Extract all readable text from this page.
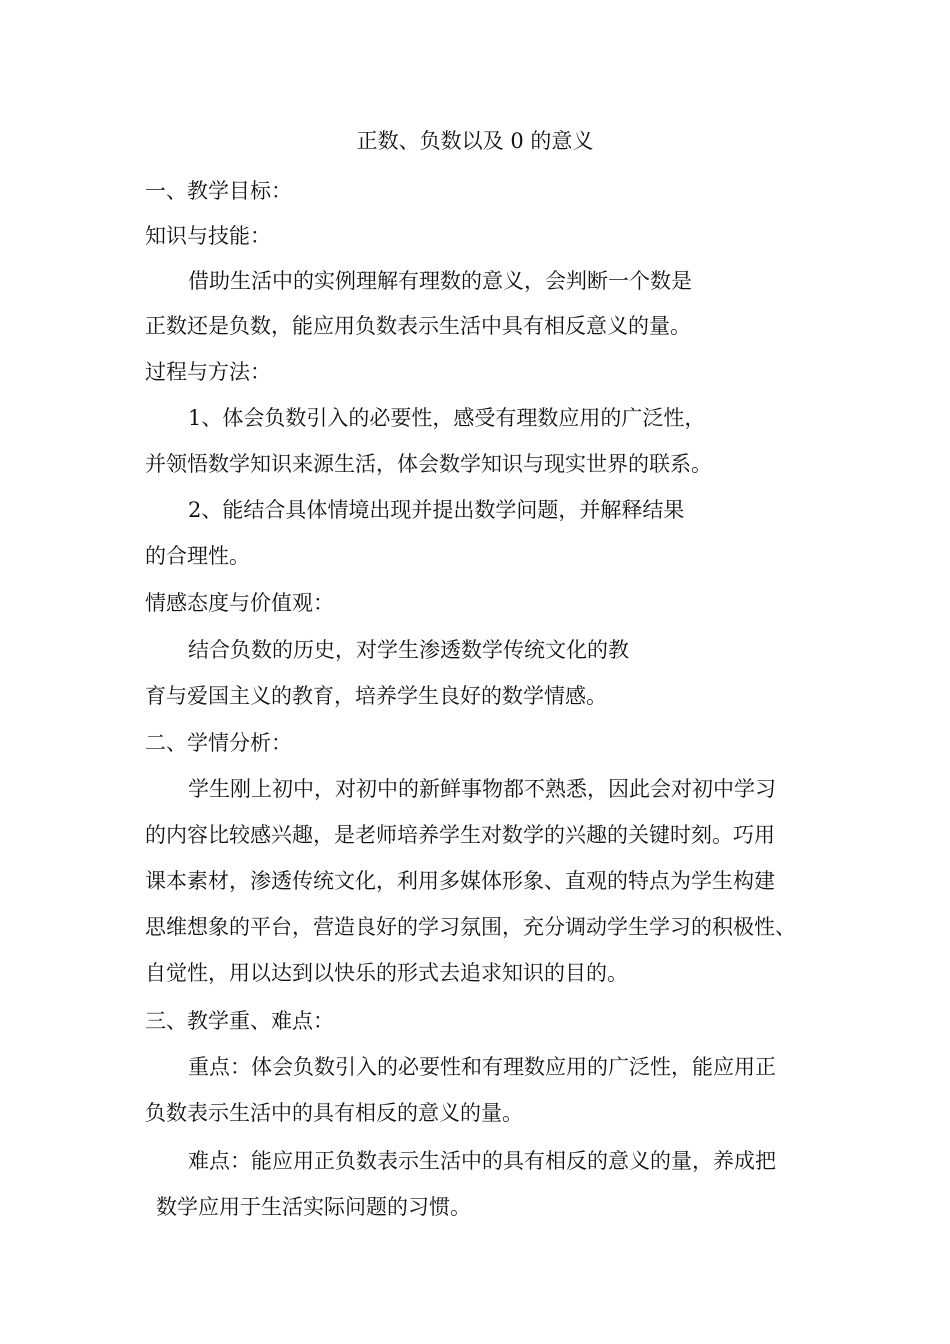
正数、负数以及 0 的意义
一、教学目标：
知识与技能：
借助生活中的实例理解有理数的意义，会判断一个数是
正数还是负数，能应用负数表示生活中具有相反意义的量。
过程与方法：
1、体会负数引入的必要性，感受有理数应用的广泛性，
并领悟数学知识来源生活，体会数学知识与现实世界的联系。
2、能结合具体情境出现并提出数学问题，并解释结果
的合理性。
情感态度与价值观：
结合负数的历史，对学生渗透数学传统文化的教
育与爱国主义的教育，培养学生良好的数学情感。
二、学情分析：
学生刚上初中，对初中的新鲜事物都不熟悉，因此会对初中学习
的内容比较感兴趣，是老师培养学生对数学的兴趣的关键时刻。巧用
课本素材，渗透传统文化，利用多媒体形象、直观的特点为学生构建
思维想象的平台，营造良好的学习氛围，充分调动学生学习的积极性、
自觉性，用以达到以快乐的形式去追求知识的目的。
三、教学重、难点：
重点：体会负数引入的必要性和有理数应用的广泛性，能应用正
负数表示生活中的具有相反的意义的量。
难点：能应用正负数表示生活中的具有相反的意义的量，养成把
数学应用于生活实际问题的习惯。
